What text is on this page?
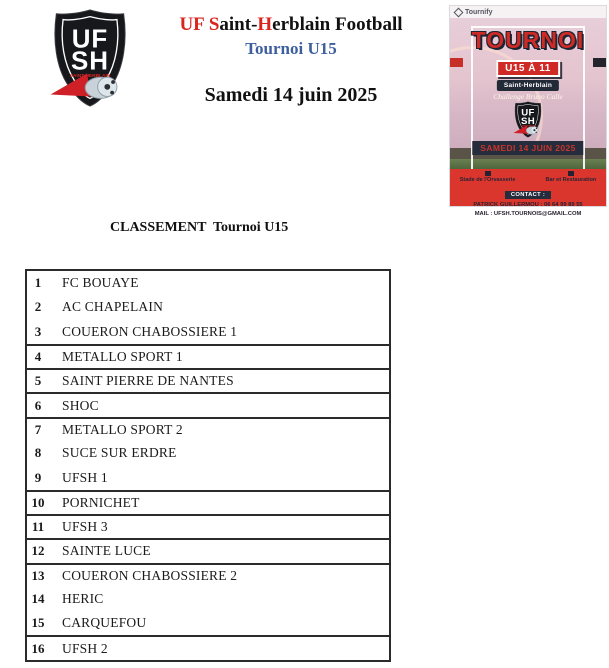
UF Saint-Herblain Football
Tournoi U15
Samedi 14 juin 2025
Tournify
TOURNOI
U15 À 11
Saint-Herblain
Challenge Bruno Calle
SAMEDI 14 JUIN 2025
Stade de l'Orvasserie	Bar et Restauration
CONTACT :
PATRICK GUILLERMOU : 06 64 99 89 55
MAIL : UFSH.TOURNOIS@GMAIL.COM
CLASSEMENT  Tournoi U15
1	FC BOUAYE
2	AC CHAPELAIN
3	COUERON CHABOSSIERE 1
4	METALLO SPORT 1
5	SAINT PIERRE DE NANTES
6	SHOC
7	METALLO SPORT 2
8	SUCE SUR ERDRE
9	UFSH 1
10	PORNICHET
11	UFSH 3
12	SAINTE LUCE
13	COUERON CHABOSSIERE 2
14	HERIC
15	CARQUEFOU
16	UFSH 2
